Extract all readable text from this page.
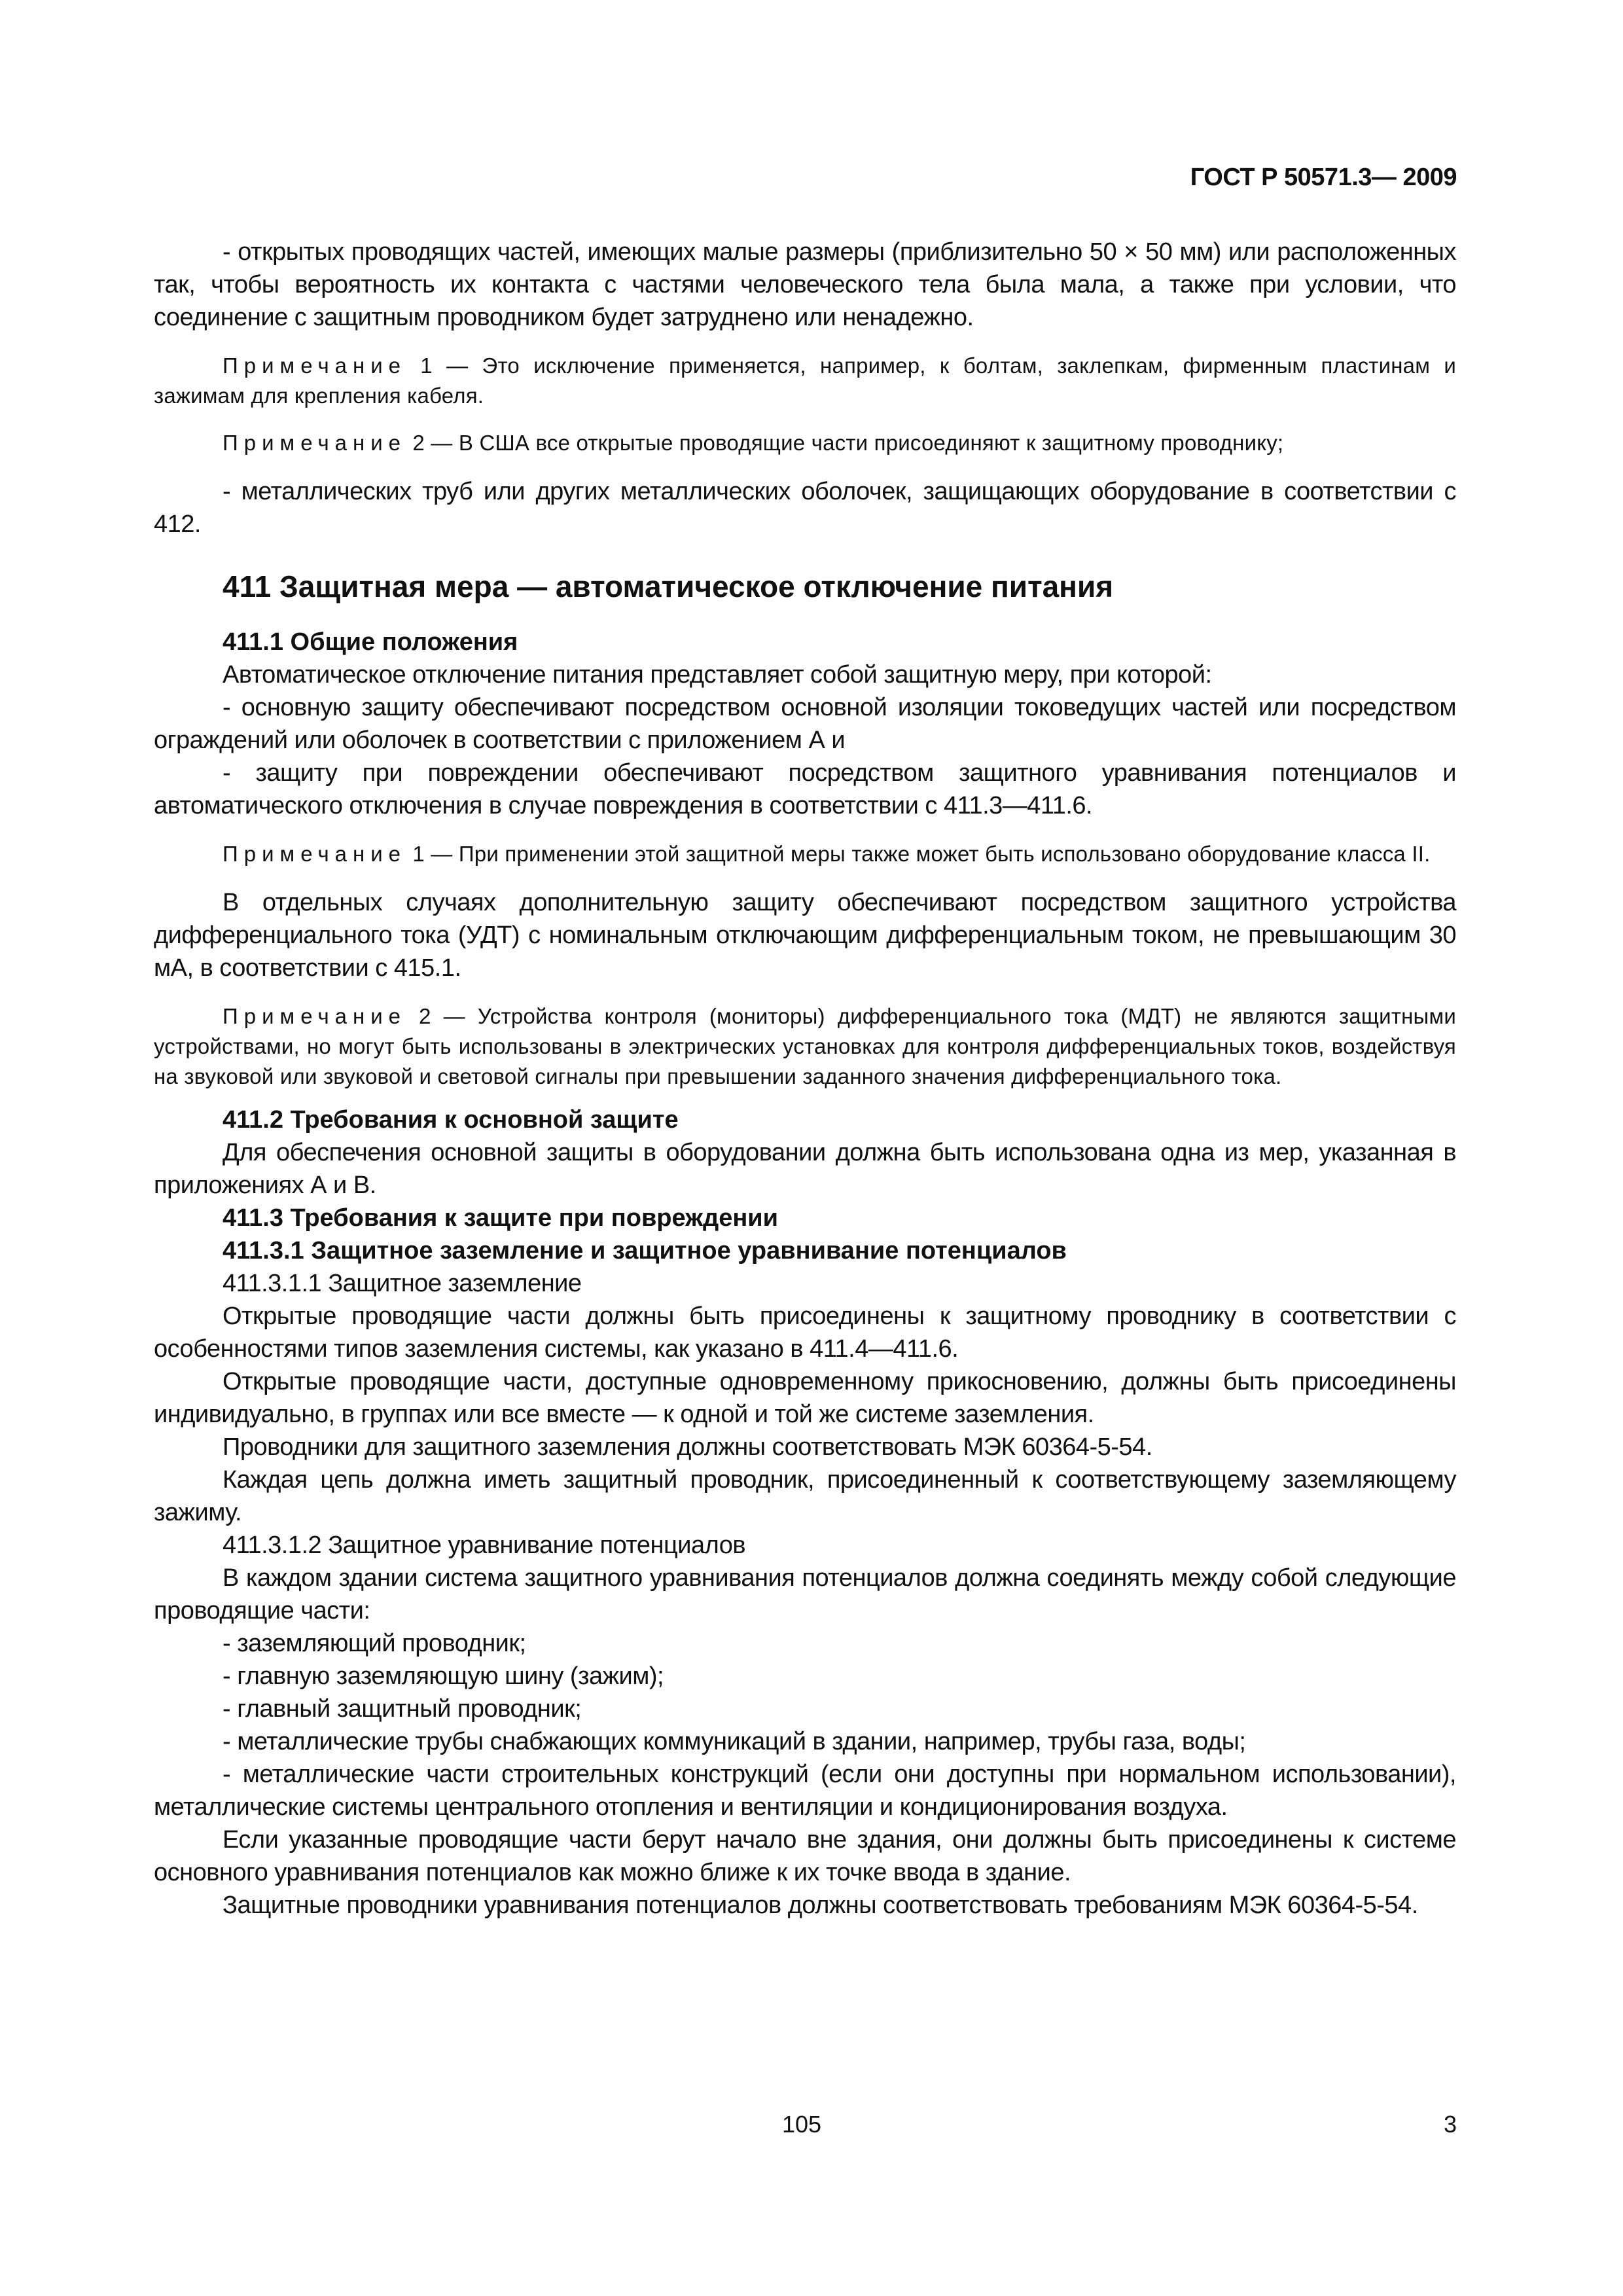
ГОСТ Р 50571.3— 2009

- открытых проводящих частей, имеющих малые размеры (приблизительно 50 × 50 мм) или расположенных так, чтобы вероятность их контакта с частями человеческого тела была мала, а также при условии, что соединение с защитным проводником будет затруднено или ненадежно.

Примечание 1 — Это исключение применяется, например, к болтам, заклепкам, фирменным пластинам и зажимам для крепления кабеля.

Примечание 2 — В США все открытые проводящие части присоединяют к защитному проводнику;

- металлических труб или других металлических оболочек, защищающих оборудование в соответствии с 412.

411 Защитная мера — автоматическое отключение питания

411.1 Общие положения

Автоматическое отключение питания представляет собой защитную меру, при которой:

- основную защиту обеспечивают посредством основной изоляции токоведущих частей или посредством ограждений или оболочек в соответствии с приложением А и

- защиту при повреждении обеспечивают посредством защитного уравнивания потенциалов и автоматического отключения в случае повреждения в соответствии с 411.3—411.6.

Примечание 1 — При применении этой защитной меры также может быть использовано оборудование класса II.

В отдельных случаях дополнительную защиту обеспечивают посредством защитного устройства дифференциального тока (УДТ) с номинальным отключающим дифференциальным током, не превышающим 30 мА, в соответствии с 415.1.

Примечание 2 — Устройства контроля (мониторы) дифференциального тока (МДТ) не являются защитными устройствами, но могут быть использованы в электрических установках для контроля дифференциальных токов, воздействуя на звуковой или звуковой и световой сигналы при превышении заданного значения дифференциального тока.

411.2 Требования к основной защите

Для обеспечения основной защиты в оборудовании должна быть использована одна из мер, указанная в приложениях А и В.

411.3 Требования к защите при повреждении

411.3.1 Защитное заземление и защитное уравнивание потенциалов

411.3.1.1 Защитное заземление

Открытые проводящие части должны быть присоединены к защитному проводнику в соответствии с особенностями типов заземления системы, как указано в 411.4—411.6.

Открытые проводящие части, доступные одновременному прикосновению, должны быть присоединены индивидуально, в группах или все вместе — к одной и той же системе заземления.

Проводники для защитного заземления должны соответствовать МЭК 60364-5-54.

Каждая цепь должна иметь защитный проводник, присоединенный к соответствующему заземляющему зажиму.

411.3.1.2 Защитное уравнивание потенциалов

В каждом здании система защитного уравнивания потенциалов должна соединять между собой следующие проводящие части:

- заземляющий проводник;

- главную заземляющую шину (зажим);

- главный защитный проводник;

- металлические трубы снабжающих коммуникаций в здании, например, трубы газа, воды;

- металлические части строительных конструкций (если они доступны при нормальном использовании), металлические системы центрального отопления и вентиляции и кондиционирования воздуха.

Если указанные проводящие части берут начало вне здания, они должны быть присоединены к системе основного уравнивания потенциалов как можно ближе к их точке ввода в здание.

Защитные проводники уравнивания потенциалов должны соответствовать требованиям МЭК 60364-5-54.

105	3
